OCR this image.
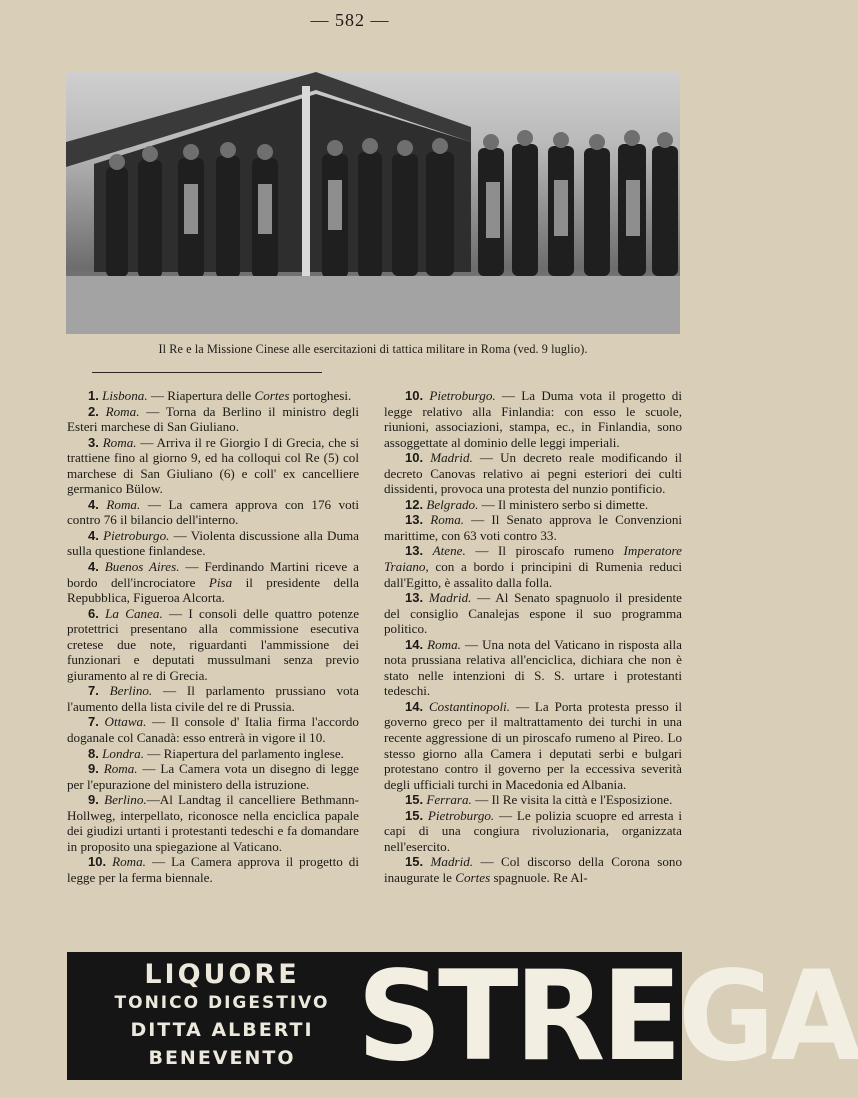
— 582 —
Il Re e la Missione Cinese alle esercitazioni di tattica militare in Roma (ved. 9 luglio).

1. Lisbona. — Riapertura delle Cortes portoghesi.

2. Roma. — Torna da Berlino il ministro degli Esteri marchese di San Giuliano.

3. Roma. — Arriva il re Giorgio I di Grecia, che si trattiene fino al giorno 9, ed ha colloqui col Re (5) col marchese di San Giuliano (6) e coll' ex cancelliere germanico Bülow.

4. Roma. — La camera approva con 176 voti contro 76 il bilancio dell'interno.

4. Pietroburgo. — Violenta discussione alla Duma sulla questione finlandese.

4. Buenos Aires. — Ferdinando Martini riceve a bordo dell'incrociatore Pisa il presidente della Repubblica, Figueroa Alcorta.

6. La Canea. — I consoli delle quattro potenze protettrici presentano alla commissione esecutiva cretese due note, riguardanti l'ammissione dei funzionari e deputati mussulmani senza previo giuramento al re di Grecia.

7. Berlino. — Il parlamento prussiano vota l'aumento della lista civile del re di Prussia.

7. Ottawa. — Il console d' Italia firma l'accordo doganale col Canadà: esso entrerà in vigore il 10.

8. Londra. — Riapertura del parlamento inglese.

9. Roma. — La Camera vota un disegno di legge per l'epurazione del ministero della istruzione.

9. Berlino.—Al Landtag il cancelliere Bethmann-Hollweg, interpellato, riconosce nella enciclica papale dei giudizi urtanti i protestanti tedeschi e fa domandare in proposito una spiegazione al Vaticano.

10. Roma. — La Camera approva il progetto di legge per la ferma biennale.

10. Pietroburgo. — La Duma vota il progetto di legge relativo alla Finlandia: con esso le scuole, riunioni, associazioni, stampa, ec., in Finlandia, sono assoggettate al dominio delle leggi imperiali.

10. Madrid. — Un decreto reale modificando il decreto Canovas relativo ai pegni esteriori dei culti dissidenti, provoca una protesta del nunzio pontificio.

12. Belgrado. — Il ministero serbo si dimette.

13. Roma. — Il Senato approva le Convenzioni marittime, con 63 voti contro 33.

13. Atene. — Il piroscafo rumeno Imperatore Traiano, con a bordo i principini di Rumenia reduci dall'Egitto, è assalito dalla folla.

13. Madrid. — Al Senato spagnuolo il presidente del consiglio Canalejas espone il suo programma politico.

14. Roma. — Una nota del Vaticano in risposta alla nota prussiana relativa all'enciclica, dichiara che non è stato nelle intenzioni di S. S. urtare i protestanti tedeschi.

14. Costantinopoli. — La Porta protesta presso il governo greco per il maltrattamento dei turchi in una recente aggressione di un piroscafo rumeno al Pireo. Lo stesso giorno alla Camera i deputati serbi e bulgari protestano contro il governo per la eccessiva severità degli ufficiali turchi in Macedonia ed Albania.

15. Ferrara. — Il Re visita la città e l'Esposizione.

15. Pietroburgo. — Le polizia scuopre ed arresta i capi di una congiura rivoluzionaria, organizzata nell'esercito.

15. Madrid. — Col discorso della Corona sono inaugurate le Cortes spagnuole. Re Al-

LIQUORE
TONICO DIGESTIVO
DITTA ALBERTI
BENEVENTO STREGA
